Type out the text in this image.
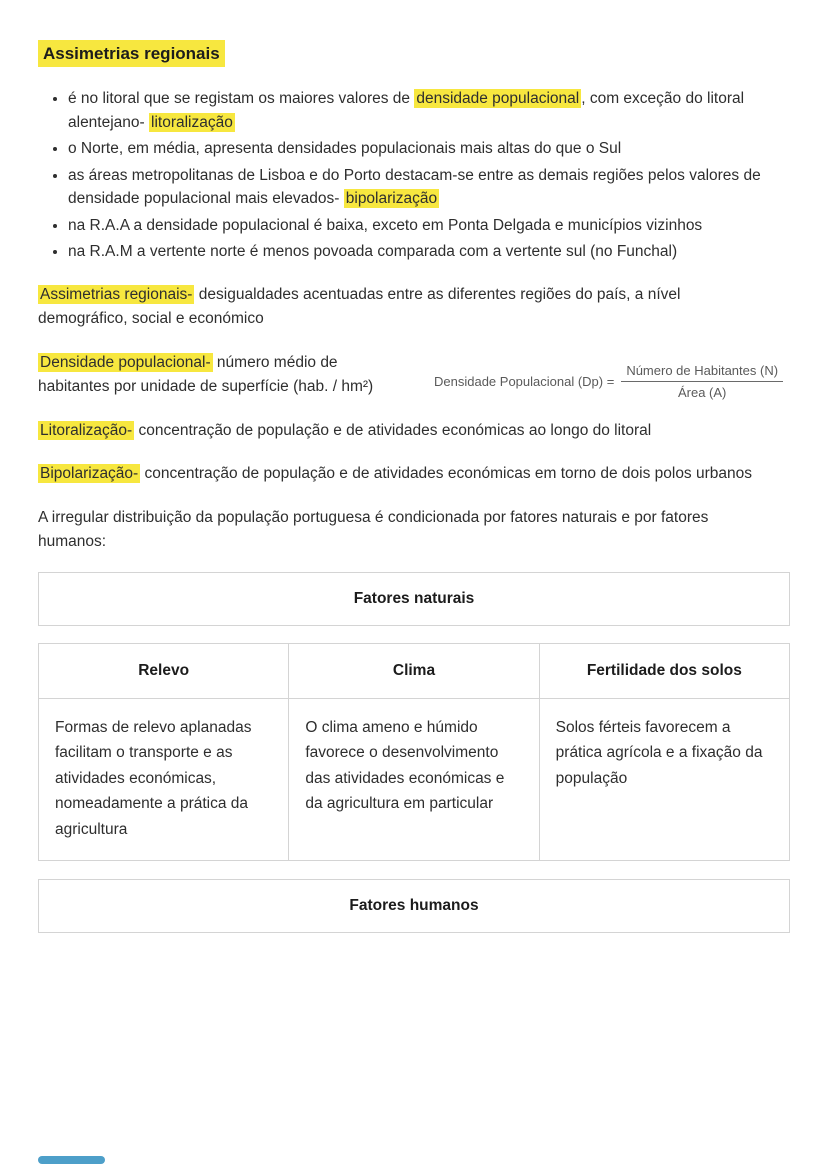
Assimetrias regionais
• é no litoral que se registam os maiores valores de densidade populacional , com exceção do litoral alentejano- litoralização
• o Norte, em média, apresenta densidades populacionais mais altas do que o Sul
• as áreas metropolitanas de Lisboa e do Porto destacam-se entre as demais regiões pelos valores de densidade populacional mais elevados- bipolarização
• na R.A.A a densidade populacional é baixa, exceto em Ponta Delgada e municípios vizinhos
• na R.A.M a vertente norte é menos povoada comparada com a vertente sul (no Funchal)

Assimetrias regionais- desigualdades acentuadas entre as diferentes regiões do país, a nível demográfico, social e económico

Densidade populacional- número médio de habitantes por unidade de superfície (hab. / hm²)	Densidade Populacional $(Dp) = \frac{\text{Número de Habitantes (N)}}{\text{Área (A)}}$

Litoralização- concentração de população e de atividades económicas ao longo do litoral

Bipolarização- concentração de população e de atividades económicas em torno de dois polos urbanos

A irregular distribuição da população portuguesa é condicionada por fatores naturais e por fatores humanos:

Fatores naturais
Relevo	Clima	Fertilidade dos solos
Formas de relevo aplanadas facilitam o transporte e as atividades económicas, nomeadamente a prática da agricultura	O clima ameno e húmido favorece o desenvolvimento das atividades económicas e da agricultura em particular	Solos férteis favorecem a prática agrícola e a fixação da população
Fatores humanos
